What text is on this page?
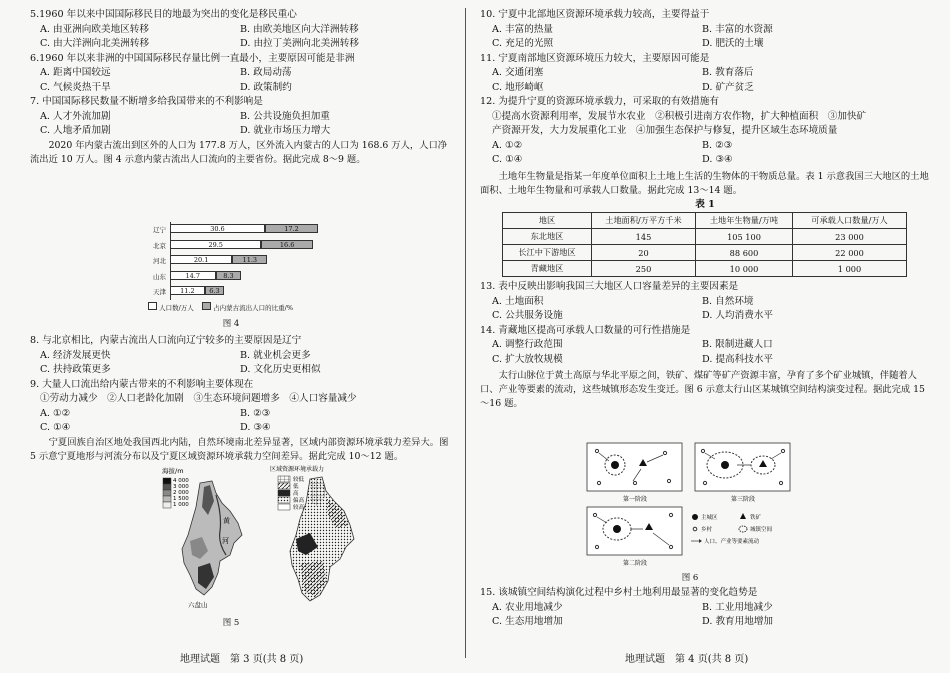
5.1960 年以来中国国际移民目的地最为突出的变化是移民重心

A. 由亚洲向欧美地区转移	B. 由欧美地区向大洋洲转移
C. 由大洋洲向北美洲转移	D. 由拉丁美洲向北美洲转移

6.1960 年以来非洲的中国国际移民存量比例一直最小，主要原因可能是非洲

A. 距离中国较远	B. 政局动荡
C. 气候炎热干旱	D. 政策制约

7. 中国国际移民数量不断增多给我国带来的不利影响是

A. 人才外流加剧	B. 公共设施负担加重
C. 人地矛盾加剧	D. 就业市场压力增大

2020 年内蒙古流出到区外的人口为 177.8 万人，区外流入内蒙古的人口为 168.6 万人，人口净流出近 10 万人。图 4 示意内蒙古流出人口流向的主要省份。据此完成 8～9 题。

辽宁	30.6	17.2
北京	29.5	16.6
河北	20.1	11.3
山东	14.7	8.3
天津	11.2	6.3
人口数/万人	占内蒙古流出人口的比重/%

图 4

8. 与北京相比，内蒙古流出人口流向辽宁较多的主要原因是辽宁

A. 经济发展更快	B. 就业机会更多
C. 扶持政策更多	D. 文化历史更相似

9. 大量人口流出给内蒙古带来的不利影响主要体现在

①劳动力减少　②人口老龄化加剧　③生态环境问题增多　④人口容量减少

A. ①②	B. ②③
C. ①④	D. ③④

宁夏回族自治区地处我国西北内陆，自然环境南北差异显著，区域内部资源环境承载力差异大。图 5 示意宁夏地形与河流分布以及宁夏区域资源环境承载力空间差异。据此完成 10～12 题。

海拔/m
4 000
3 000
2 000
1 500
1 000
黄
河
六盘山
区域资源环境承载力
较低
低
高
偏高
较高

图 5

地理试题　第 3 页(共 8 页)

10. 宁夏中北部地区资源环境承载力较高，主要得益于

A. 丰富的热量	B. 丰富的水资源
C. 充足的光照	D. 肥沃的土壤

11. 宁夏南部地区资源环境压力较大，主要原因可能是

A. 交通闭塞	B. 教育落后
C. 地形崎岖	D. 矿产贫乏

12. 为提升宁夏的资源环境承载力，可采取的有效措施有

①提高水资源利用率，发展节水农业　②积极引进南方农作物，扩大种植面积　③加快矿

产资源开发，大力发展重化工业　④加强生态保护与修复，提升区域生态环境质量

A. ①②	B. ②③
C. ①④	D. ③④

土地年生物量是指某一年度单位面积上土地上生活的生物体的干物质总量。表 1 示意我国三大地区的土地面积、土地年生物量和可承载人口数量。据此完成 13～14 题。

表 1

地区	土地面积/万平方千米	土地年生物量/万吨	可承载人口数量/万人
东北地区	145	105 100	23 000
长江中下游地区	20	88 600	22 000
青藏地区	250	10 000	1 000

13. 表中反映出影响我国三大地区人口容量差异的主要因素是

A. 土地面积	B. 自然环境
C. 公共服务设施	D. 人均消费水平

14. 青藏地区提高可承载人口数量的可行性措施是

A. 调整行政范围	B. 限制进藏人口
C. 扩大放牧规模	D. 提高科技水平

太行山脉位于黄土高原与华北平原之间，铁矿、煤矿等矿产资源丰富，孕育了多个矿业城镇，伴随着人口、产业等要素的流动，这些城镇形态发生变迁。图 6 示意太行山区某城镇空间结构演变过程。据此完成 15～16 题。

第一阶段	第三阶段
第二阶段
主城区	铁矿
乡村	城镇空间
人口、产业等要素流动

图 6

15. 该城镇空间结构演化过程中乡村土地利用最显著的变化趋势是

A. 农业用地减少	B. 工业用地减少
C. 生态用地增加	D. 教育用地增加
地理试题　第 4 页(共 8 页)
